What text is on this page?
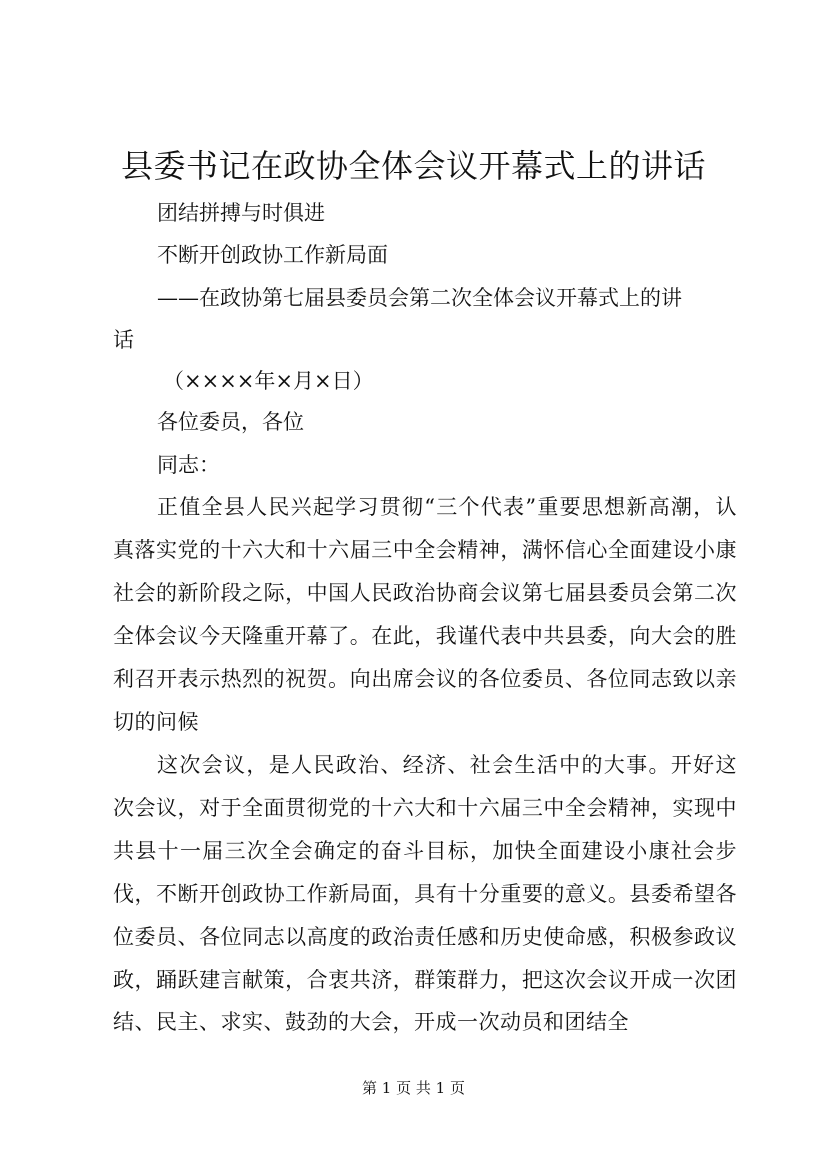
县委书记在政协全体会议开幕式上的讲话
团结拼搏与时俱进
不断开创政协工作新局面
——在政协第七届县委员会第二次全体会议开幕式上的讲
话
（××××年×月×日）
各位委员，各位
同志：

正值全县人民兴起学习贯彻“三个代表”重要思想新高潮，认真落实党的十六大和十六届三中全会精神，满怀信心全面建设小康社会的新阶段之际，中国人民政治协商会议第七届县委员会第二次全体会议今天隆重开幕了。在此，我谨代表中共县委，向大会的胜利召开表示热烈的祝贺。向出席会议的各位委员、各位同志致以亲切的问候

这次会议，是人民政治、经济、社会生活中的大事。开好这次会议，对于全面贯彻党的十六大和十六届三中全会精神，实现中共县十一届三次全会确定的奋斗目标，加快全面建设小康社会步伐，不断开创政协工作新局面，具有十分重要的意义。县委希望各位委员、各位同志以高度的政治责任感和历史使命感，积极参政议政，踊跃建言献策，合衷共济，群策群力，把这次会议开成一次团结、民主、求实、鼓劲的大会，开成一次动员和团结全

第 1 页 共 1 页
